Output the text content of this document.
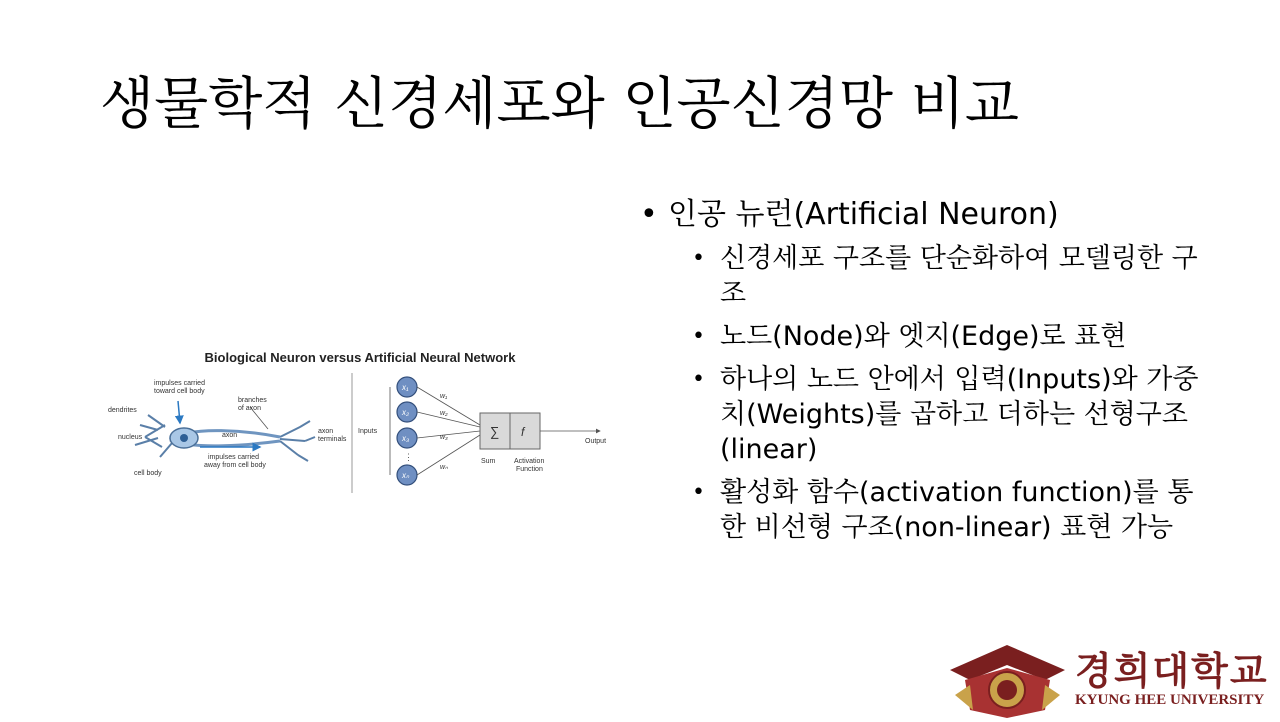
생물학적 신경세포와 인공신경망 비교
• 인공 뉴런(Artificial Neuron)
• 신경세포 구조를 단순화하여 모델링한 구조
• 노드(Node)와 엣지(Edge)로 표현
• 하나의 노드 안에서 입력(Inputs)와 가중치(Weights)를 곱하고 더하는 선형구조(linear)
• 활성화 함수(activation function)를 통한 비선형 구조(non-linear) 표현 가능
Biological Neuron versus Artificial Neural Network
impulses carried
toward cell body
branches
of axon
dendrites
nucleus	axon
axon
terminals
impulses carried
away from cell body
cell body
Inputs
x₁
x₂
x₃
xₙ
⋮
w₁
w₂
w₃
wₙ
∑ f
Output
Sum	Activation
Function
경희대학교
KYUNG HEE UNIVERSITY
